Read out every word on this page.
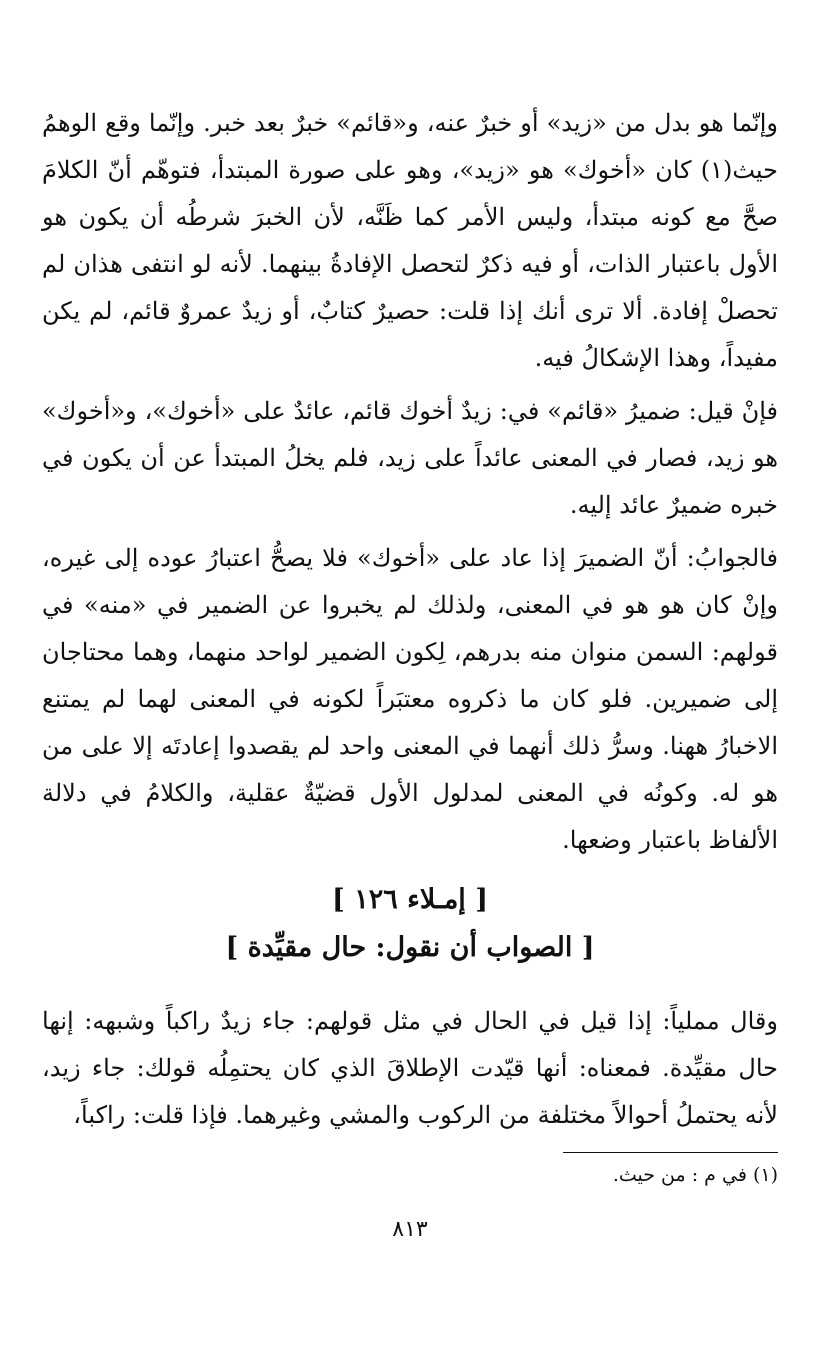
وإنّما هو بدل من «زيد» أو خبرٌ عنه، و«قائم» خبرٌ بعد خبر. وإنّما وقع الوهمُ حيث(١) كان «أخوك» هو «زيد»، وهو على صورة المبتدأ، فتوهّم أنّ الكلامَ صحَّ مع كونه مبتدأ، وليس الأمر كما ظَنَّه، لأن الخبرَ شرطُه أن يكون هو الأول باعتبار الذات، أو فيه ذكرٌ لتحصل الإفادةُ بينهما. لأنه لو انتفى هذان لم تحصلْ إفادة. ألا ترى أنك إذا قلت: حصيرٌ كتابٌ، أو زيدٌ عمروٌ قائم، لم يكن مفيداً، وهذا الإشكالُ فيه.

فإنْ قيل: ضميرُ «قائم» في: زيدٌ أخوك قائم، عائدٌ على «أخوك»، و«أخوك» هو زيد، فصار في المعنى عائداً على زيد، فلم يخلُ المبتدأ عن أن يكون في خبره ضميرٌ عائد إليه.

فالجوابُ: أنّ الضميرَ إذا عاد على «أخوك» فلا يصحُّ اعتبارُ عوده إلى غيره، وإنْ كان هو هو في المعنى، ولذلك لم يخبروا عن الضمير في «منه» في قولهم: السمن منوان منه بدرهم، لِكون الضمير لواحد منهما، وهما محتاجان إلى ضميرين. فلو كان ما ذكروه معتبَراً لكونه في المعنى لهما لم يمتنع الاخبارُ ههنا. وسرُّ ذلك أنهما في المعنى واحد لم يقصدوا إعادتَه إلا على من هو له. وكونُه في المعنى لمدلول الأول قضيّةٌ عقلية، والكلامُ في دلالة الألفاظ باعتبار وضعها.

[ إمـلاء ١٢٦ ]
[ الصواب أن نقول: حال مقيِّدة ]

وقال مملياً: إذا قيل في الحال في مثل قولهم: جاء زيدٌ راكباً وشبهه: إنها حال مقيِّدة. فمعناه: أنها قيّدت الإطلاقَ الذي كان يحتمِلُه قولك: جاء زيد، لأنه يحتملُ أحوالاً مختلفة من الركوب والمشي وغيرهما. فإذا قلت: راكباً،

(١) في م : من حيث.
٨١٣
